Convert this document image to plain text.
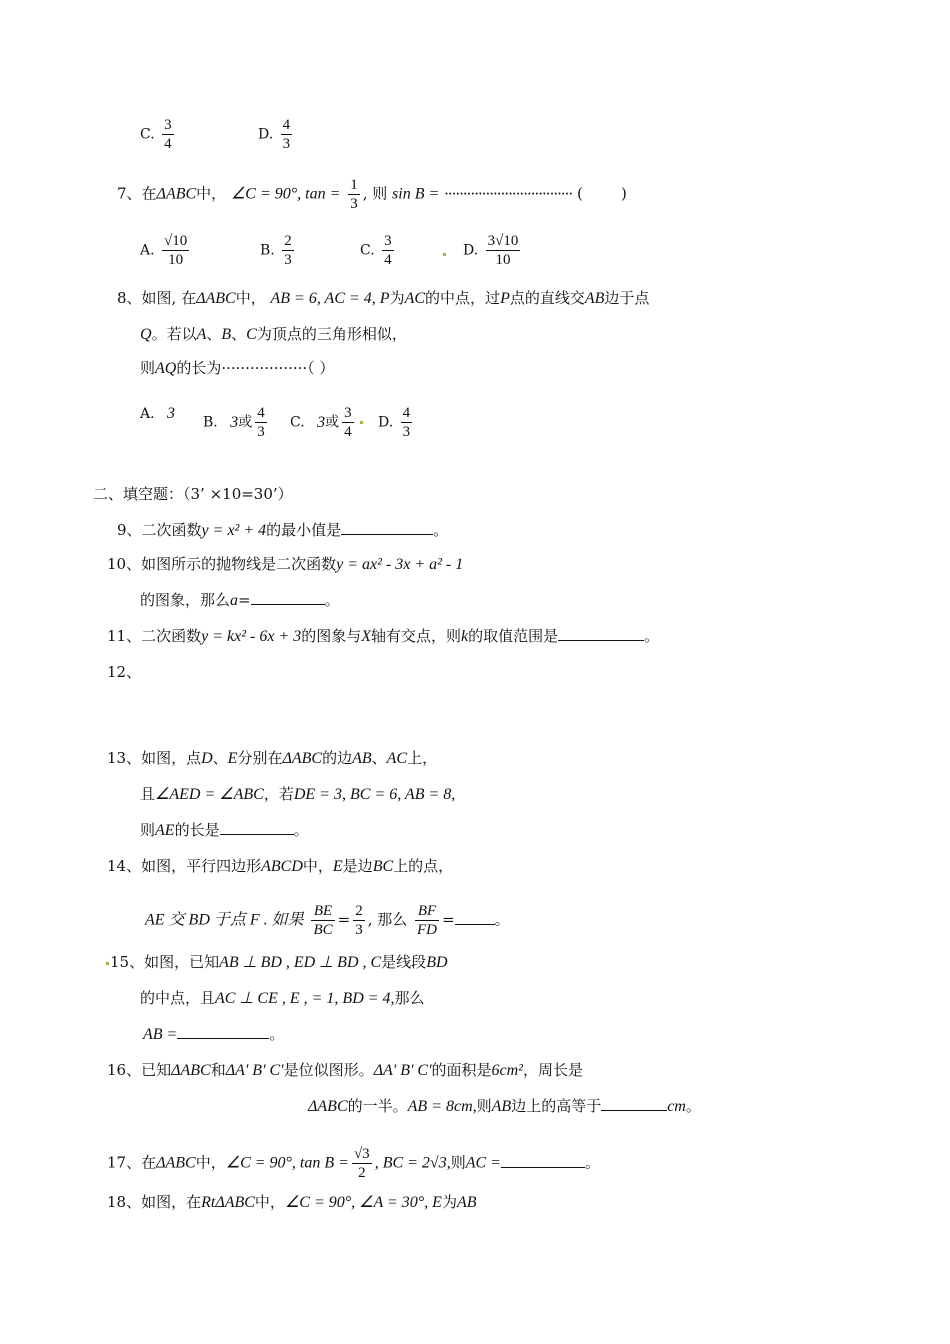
C. $\frac{3}{4}$	D. $\frac{4}{3}$
7、在ΔABC中， ∠C = 90°, $\tan = \frac{1}{3}$ , 则 sin B = ·································· (        )
A. $\frac{√10}{10}$	B. $\frac{2}{3}$	C. $\frac{3}{4}$	D. $\frac{3√10}{10}$
8、如图, 在ΔABC中， AB = 6, AC = 4, P为AC的中点，过P点的直线交AB边于点
Q。若以A、B、C为顶点的三角形相似，
则AQ的长为··················（ ）
A. 3
B. 3或 $\frac{4}{3} C$. 3或 $\frac{3}{4} D$. $\frac{4}{3}$
二、填空题：（3’ ×10=30’）
9、二次函数y = x² + 4的最小值是	。
10、如图所示的抛物线是二次函数y = ax² - 3x + a² - 1
的图象，那么a=	。
11、二次函数y = kx² - 6x + 3的图象与X轴有交点，则k的取值范围是	。
12、
13、如图，点D、E分别在ΔABC的边AB、AC上，
且∠AED = ∠ABC，若DE = 3, BC = 6, AB = 8,
则AE的长是	。
14、如图，平行四边形ABCD中，E是边BC上的点，
AE 交 BD 于点 F . 如果 $\frac{BE}{BC} = \frac{2}{3}$ , 那么 $\frac{BF}{FD}$ =	。
15、如图，已知AB ⊥ BD , ED ⊥ BD , C是线段BD
的中点，且AC ⊥ CE , E , = 1, BD = 4,那么
AB =	。
16、已知ΔABC和ΔA' B' C'是位似图形。ΔA' B' C'的面积是6cm²，周长是
ΔABC的一半。AB = 8cm,则AB边上的高等于	cm。
17、在ΔABC中，∠C = 90°, $\tan B = \frac{√3}{2}$ , BC = 2√3,则AC =	。
18、如图，在RtΔABC中，∠C = 90°, ∠A = 30°, E为AB
